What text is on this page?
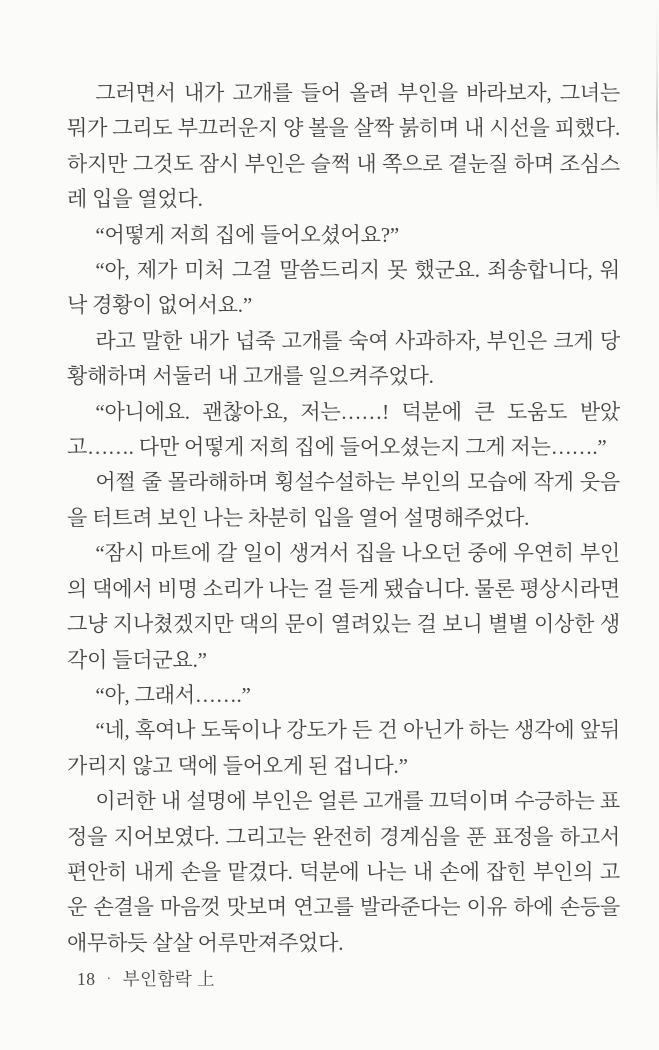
그러면서 내가 고개를 들어 올려 부인을 바라보자, 그녀는 뭐가 그리도 부끄러운지 양 볼을 살짝 붉히며 내 시선을 피했다. 하지만 그것도 잠시 부인은 슬쩍 내 쪽으로 곁눈질 하며 조심스레 입을 열었다.

“어떻게 저희 집에 들어오셨어요?”

“아, 제가 미처 그걸 말씀드리지 못 했군요. 죄송합니다, 워낙 경황이 없어서요.”

라고 말한 내가 넙죽 고개를 숙여 사과하자, 부인은 크게 당황해하며 서둘러 내 고개를 일으켜주었다.

“아니에요. 괜찮아요, 저는……! 덕분에 큰 도움도 받았고……. 다만 어떻게 저희 집에 들어오셨는지 그게 저는…….”

어쩔 줄 몰라해하며 횡설수설하는 부인의 모습에 작게 웃음을 터트려 보인 나는 차분히 입을 열어 설명해주었다.

“잠시 마트에 갈 일이 생겨서 집을 나오던 중에 우연히 부인의 댁에서 비명 소리가 나는 걸 듣게 됐습니다. 물론 평상시라면 그냥 지나쳤겠지만 댁의 문이 열려있는 걸 보니 별별 이상한 생각이 들더군요.”

“아, 그래서…….”

“네, 혹여나 도둑이나 강도가 든 건 아닌가 하는 생각에 앞뒤 가리지 않고 댁에 들어오게 된 겁니다.”

이러한 내 설명에 부인은 얼른 고개를 끄덕이며 수긍하는 표정을 지어보였다. 그리고는 완전히 경계심을 푼 표정을 하고서 편안히 내게 손을 맡겼다. 덕분에 나는 내 손에 잡힌 부인의 고운 손결을 마음껏 맛보며 연고를 발라준다는 이유 하에 손등을 애무하듯 살살 어루만져주었다.

18 · 부인함락 上
